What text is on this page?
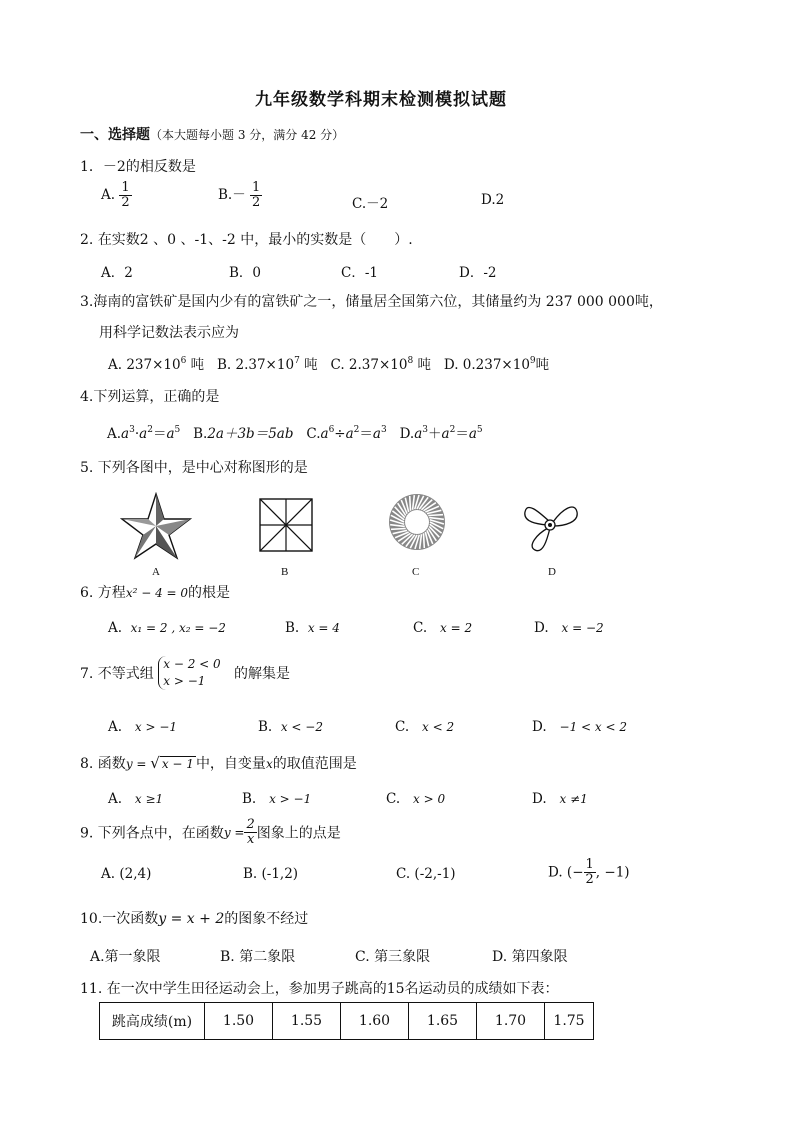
九年级数学科期末检测模拟试题
一、选择题（本大题每小题 3 分，满分 42 分）
1．－2的相反数是
A. $\frac{1}{2}$	$B.- \frac{1}{2}$	C.－2	D.2
2. 在实数2 、0 、-1、-2 中，最小的实数是（　　）.
A．2	B．0	C．-1	D．-2
3.海南的富铁矿是国内少有的富铁矿之一，储量居全国第六位，其储量约为 237 000 000吨，
用科学记数法表示应为
A. $237\times 10^6$ 吨 B. $2.37\times 10^7$ 吨 C. $2.37\times 10^8$ 吨 D. $0.237\times 10^9$吨
4.下列运算，正确的是
$A.a^3\cdot a^2=a^5$ B.2a＋3b＝5ab $C.a^6\div a^2=a^3$ $D.a^3+a^2=a^5$
5. 下列各图中，是中心对称图形的是
A	B	C	D
6. 方程x² − 4 = 0的根是
A. x₁ = 2 , x₂ = −2	B. x = 4	C. x = 2	D. x = −2
7. 不等式组 x − 2 < 0
x > −1 的解集是
A. x > −1	B. x < −2	C. x < 2	D. −1 < x < 2
8. 函数y = √ x − 1 中，自变量x的取值范围是
A. x ≥1	B. x > −1	C. x > 0	D. x ≠1
9. 下列各点中，在函数$y = \frac{2}{x}$ 图象上的点是
A. (2,4)	B. (-1,2)	C. (-2,-1)	D. (− $\frac{1}{2}$ , −1)
10.一次函数y = x + 2的图象不经过
A.第一象限	B. 第二象限	C. 第三象限	D. 第四象限
11. 在一次中学生田径运动会上，参加男子跳高的15名运动员的成绩如下表：
跳高成绩(m)	1.50	1.55	1.60	1.65	1.70	1.75
